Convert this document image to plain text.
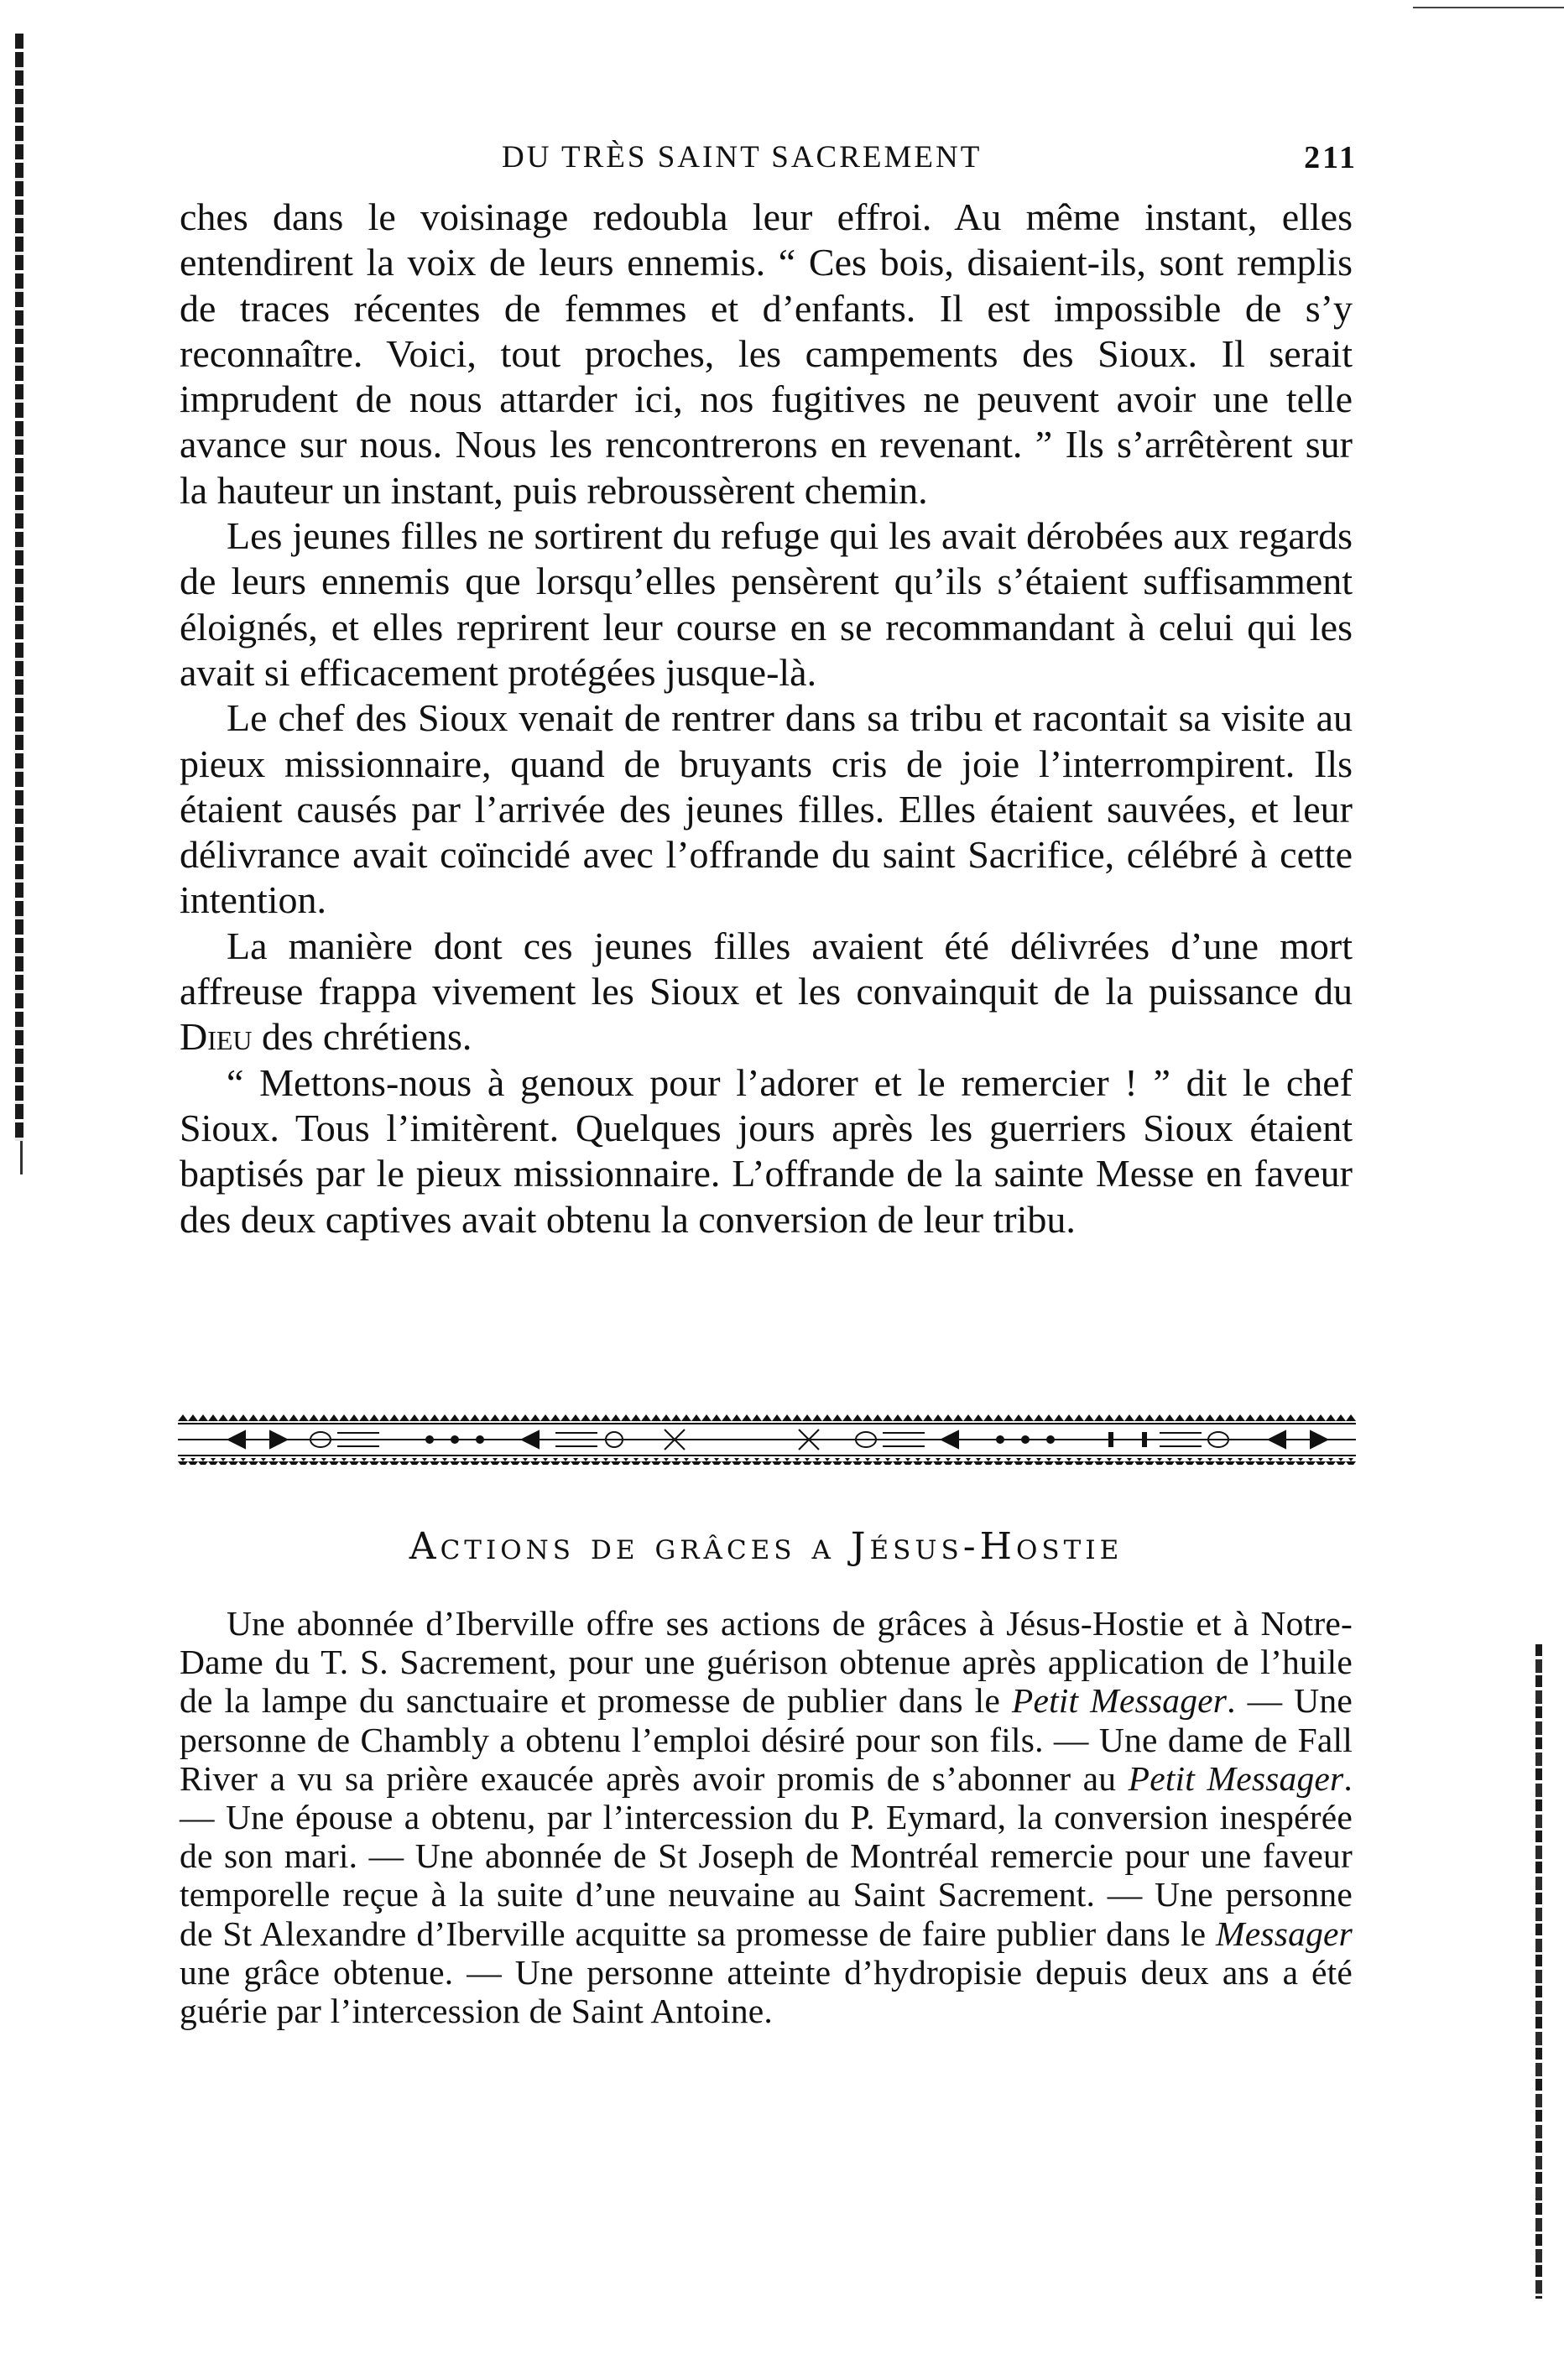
DU TRÈS SAINT SACREMENT	211

ches dans le voisinage redoubla leur effroi. Au même instant, elles entendirent la voix de leurs ennemis. “ Ces bois, disaient-ils, sont remplis de traces récentes de femmes et d’enfants. Il est impossible de s’y reconnaître. Voici, tout proches, les campements des Sioux. Il serait imprudent de nous attarder ici, nos fugitives ne peuvent avoir une telle avance sur nous. Nous les rencontrerons en revenant. ” Ils s’arrêtèrent sur la hauteur un instant, puis rebroussèrent chemin.

Les jeunes filles ne sortirent du refuge qui les avait dérobées aux regards de leurs ennemis que lorsqu’elles pensèrent qu’ils s’étaient suffisamment éloignés, et elles reprirent leur course en se recommandant à celui qui les avait si efficacement protégées jusque-là.

Le chef des Sioux venait de rentrer dans sa tribu et racontait sa visite au pieux missionnaire, quand de bruyants cris de joie l’interrompirent. Ils étaient causés par l’arrivée des jeunes filles. Elles étaient sauvées, et leur délivrance avait coïncidé avec l’offrande du saint Sacrifice, célébré à cette intention.

La manière dont ces jeunes filles avaient été délivrées d’une mort affreuse frappa vivement les Sioux et les convainquit de la puissance du Dieu des chrétiens.

“ Mettons-nous à genoux pour l’adorer et le remercier ! ” dit le chef Sioux. Tous l’imitèrent. Quelques jours après les guerriers Sioux étaient baptisés par le pieux missionnaire. L’offrande de la sainte Messe en faveur des deux captives avait obtenu la conversion de leur tribu.

Actions de grâces a Jésus-Hostie

Une abonnée d’Iberville offre ses actions de grâces à Jésus-Hostie et à Notre-Dame du T. S. Sacrement, pour une guérison obtenue après application de l’huile de la lampe du sanctuaire et promesse de publier dans le Petit Messager. — Une personne de Chambly a obtenu l’emploi désiré pour son fils. — Une dame de Fall River a vu sa prière exaucée après avoir promis de s’abonner au Petit Messager. — Une épouse a obtenu, par l’intercession du P. Eymard, la conversion inespérée de son mari. — Une abonnée de St Joseph de Montréal remercie pour une faveur temporelle reçue à la suite d’une neuvaine au Saint Sacrement. — Une personne de St Alexandre d’Iberville acquitte sa promesse de faire publier dans le Messager une grâce obtenue. — Une personne atteinte d’hydropisie depuis deux ans a été guérie par l’intercession de Saint Antoine.
